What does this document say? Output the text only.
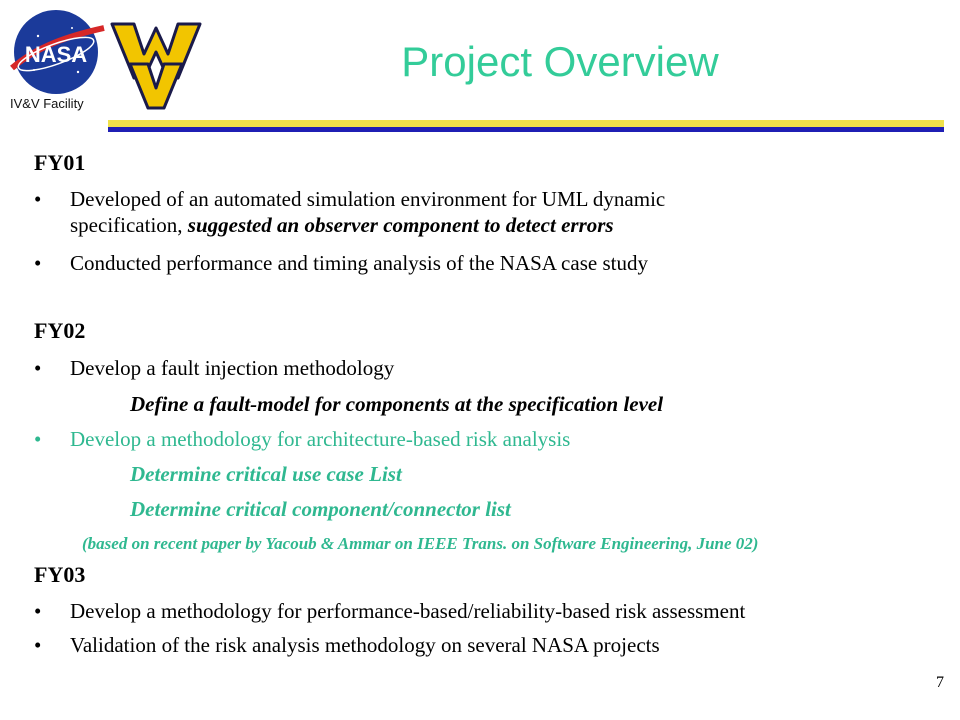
NASA
IV&V Facility
Project Overview
FY01
• Developed of an automated simulation environment for UML dynamic
specification, suggested an observer component to detect errors
• Conducted performance and timing analysis of the NASA case study
FY02
• Develop a fault injection methodology
Define a fault-model for components at the specification level
• Develop a methodology for architecture-based risk analysis
Determine critical use case List
Determine critical component/connector list
(based on recent paper by Yacoub & Ammar on IEEE Trans. on Software Engineering, June 02)
FY03
• Develop a methodology for performance-based/reliability-based risk assessment
• Validation of the risk analysis methodology on several NASA projects
7
